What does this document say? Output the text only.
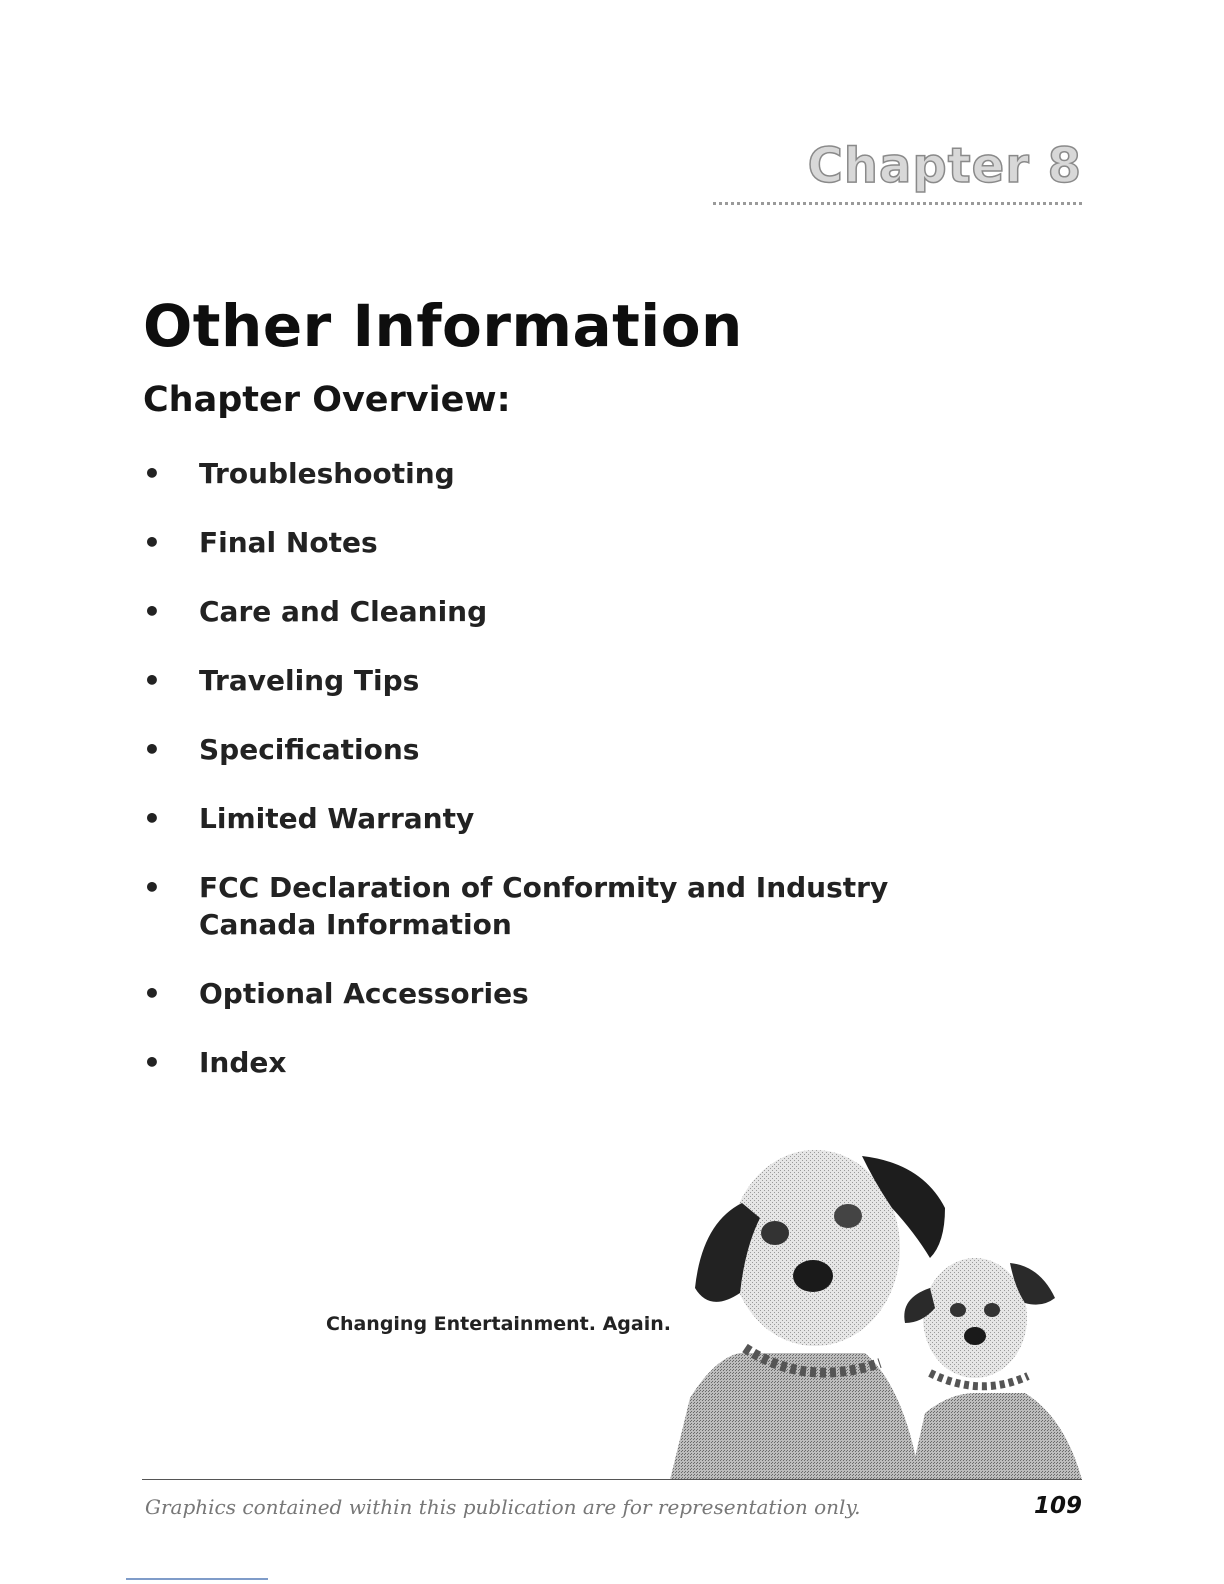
Chapter 8
Other Information
Chapter Overview:
• Troubleshooting
• Final Notes
• Care and Cleaning
• Traveling Tips
• Specifications
• Limited Warranty
• FCC Declaration of Conformity and Industry Canada Information
• Optional Accessories
• Index
Changing Entertainment. Again.
Graphics contained within this publication are for representation only.	109
